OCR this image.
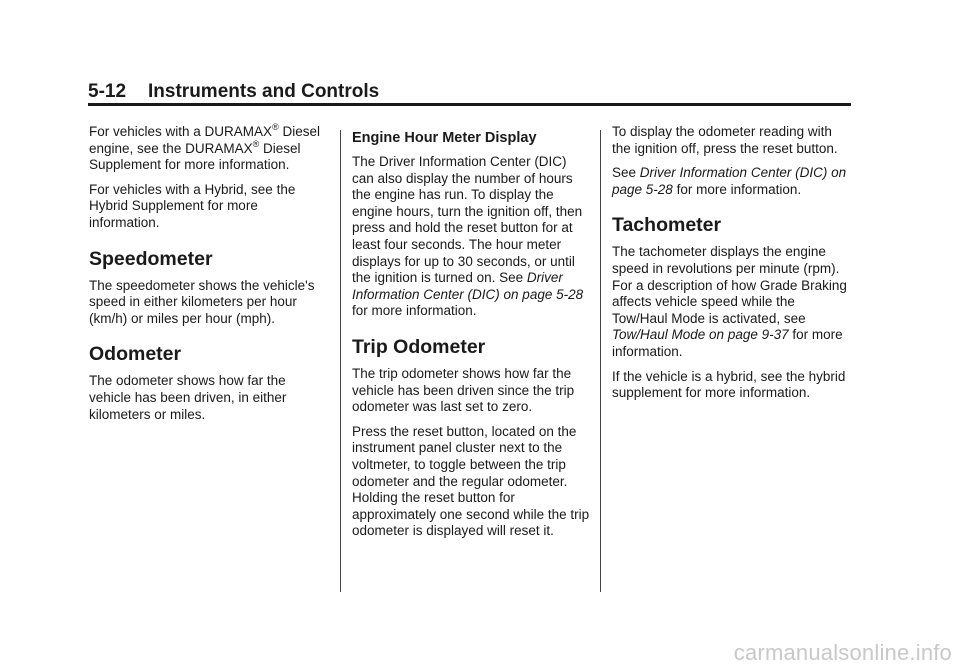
5-12 Instruments and Controls

For vehicles with a DURAMAX® Diesel engine, see the DURAMAX® Diesel Supplement for more information.

For vehicles with a Hybrid, see the Hybrid Supplement for more information.

Speedometer

The speedometer shows the vehicle's speed in either kilometers per hour (km/h) or miles per hour (mph).

Odometer

The odometer shows how far the vehicle has been driven, in either kilometers or miles.

Engine Hour Meter Display

The Driver Information Center (DIC) can also display the number of hours the engine has run. To display the engine hours, turn the ignition off, then press and hold the reset button for at least four seconds. The hour meter displays for up to 30 seconds, or until the ignition is turned on. See Driver Information Center (DIC) on page 5-28 for more information.

Trip Odometer

The trip odometer shows how far the vehicle has been driven since the trip odometer was last set to zero.

Press the reset button, located on the instrument panel cluster next to the voltmeter, to toggle between the trip odometer and the regular odometer. Holding the reset button for approximately one second while the trip odometer is displayed will reset it.

To display the odometer reading with the ignition off, press the reset button.

See Driver Information Center (DIC) on page 5-28 for more information.

Tachometer

The tachometer displays the engine speed in revolutions per minute (rpm). For a description of how Grade Braking affects vehicle speed while the Tow/Haul Mode is activated, see Tow/Haul Mode on page 9-37 for more information.

If the vehicle is a hybrid, see the hybrid supplement for more information.

carmanualsonline.info
